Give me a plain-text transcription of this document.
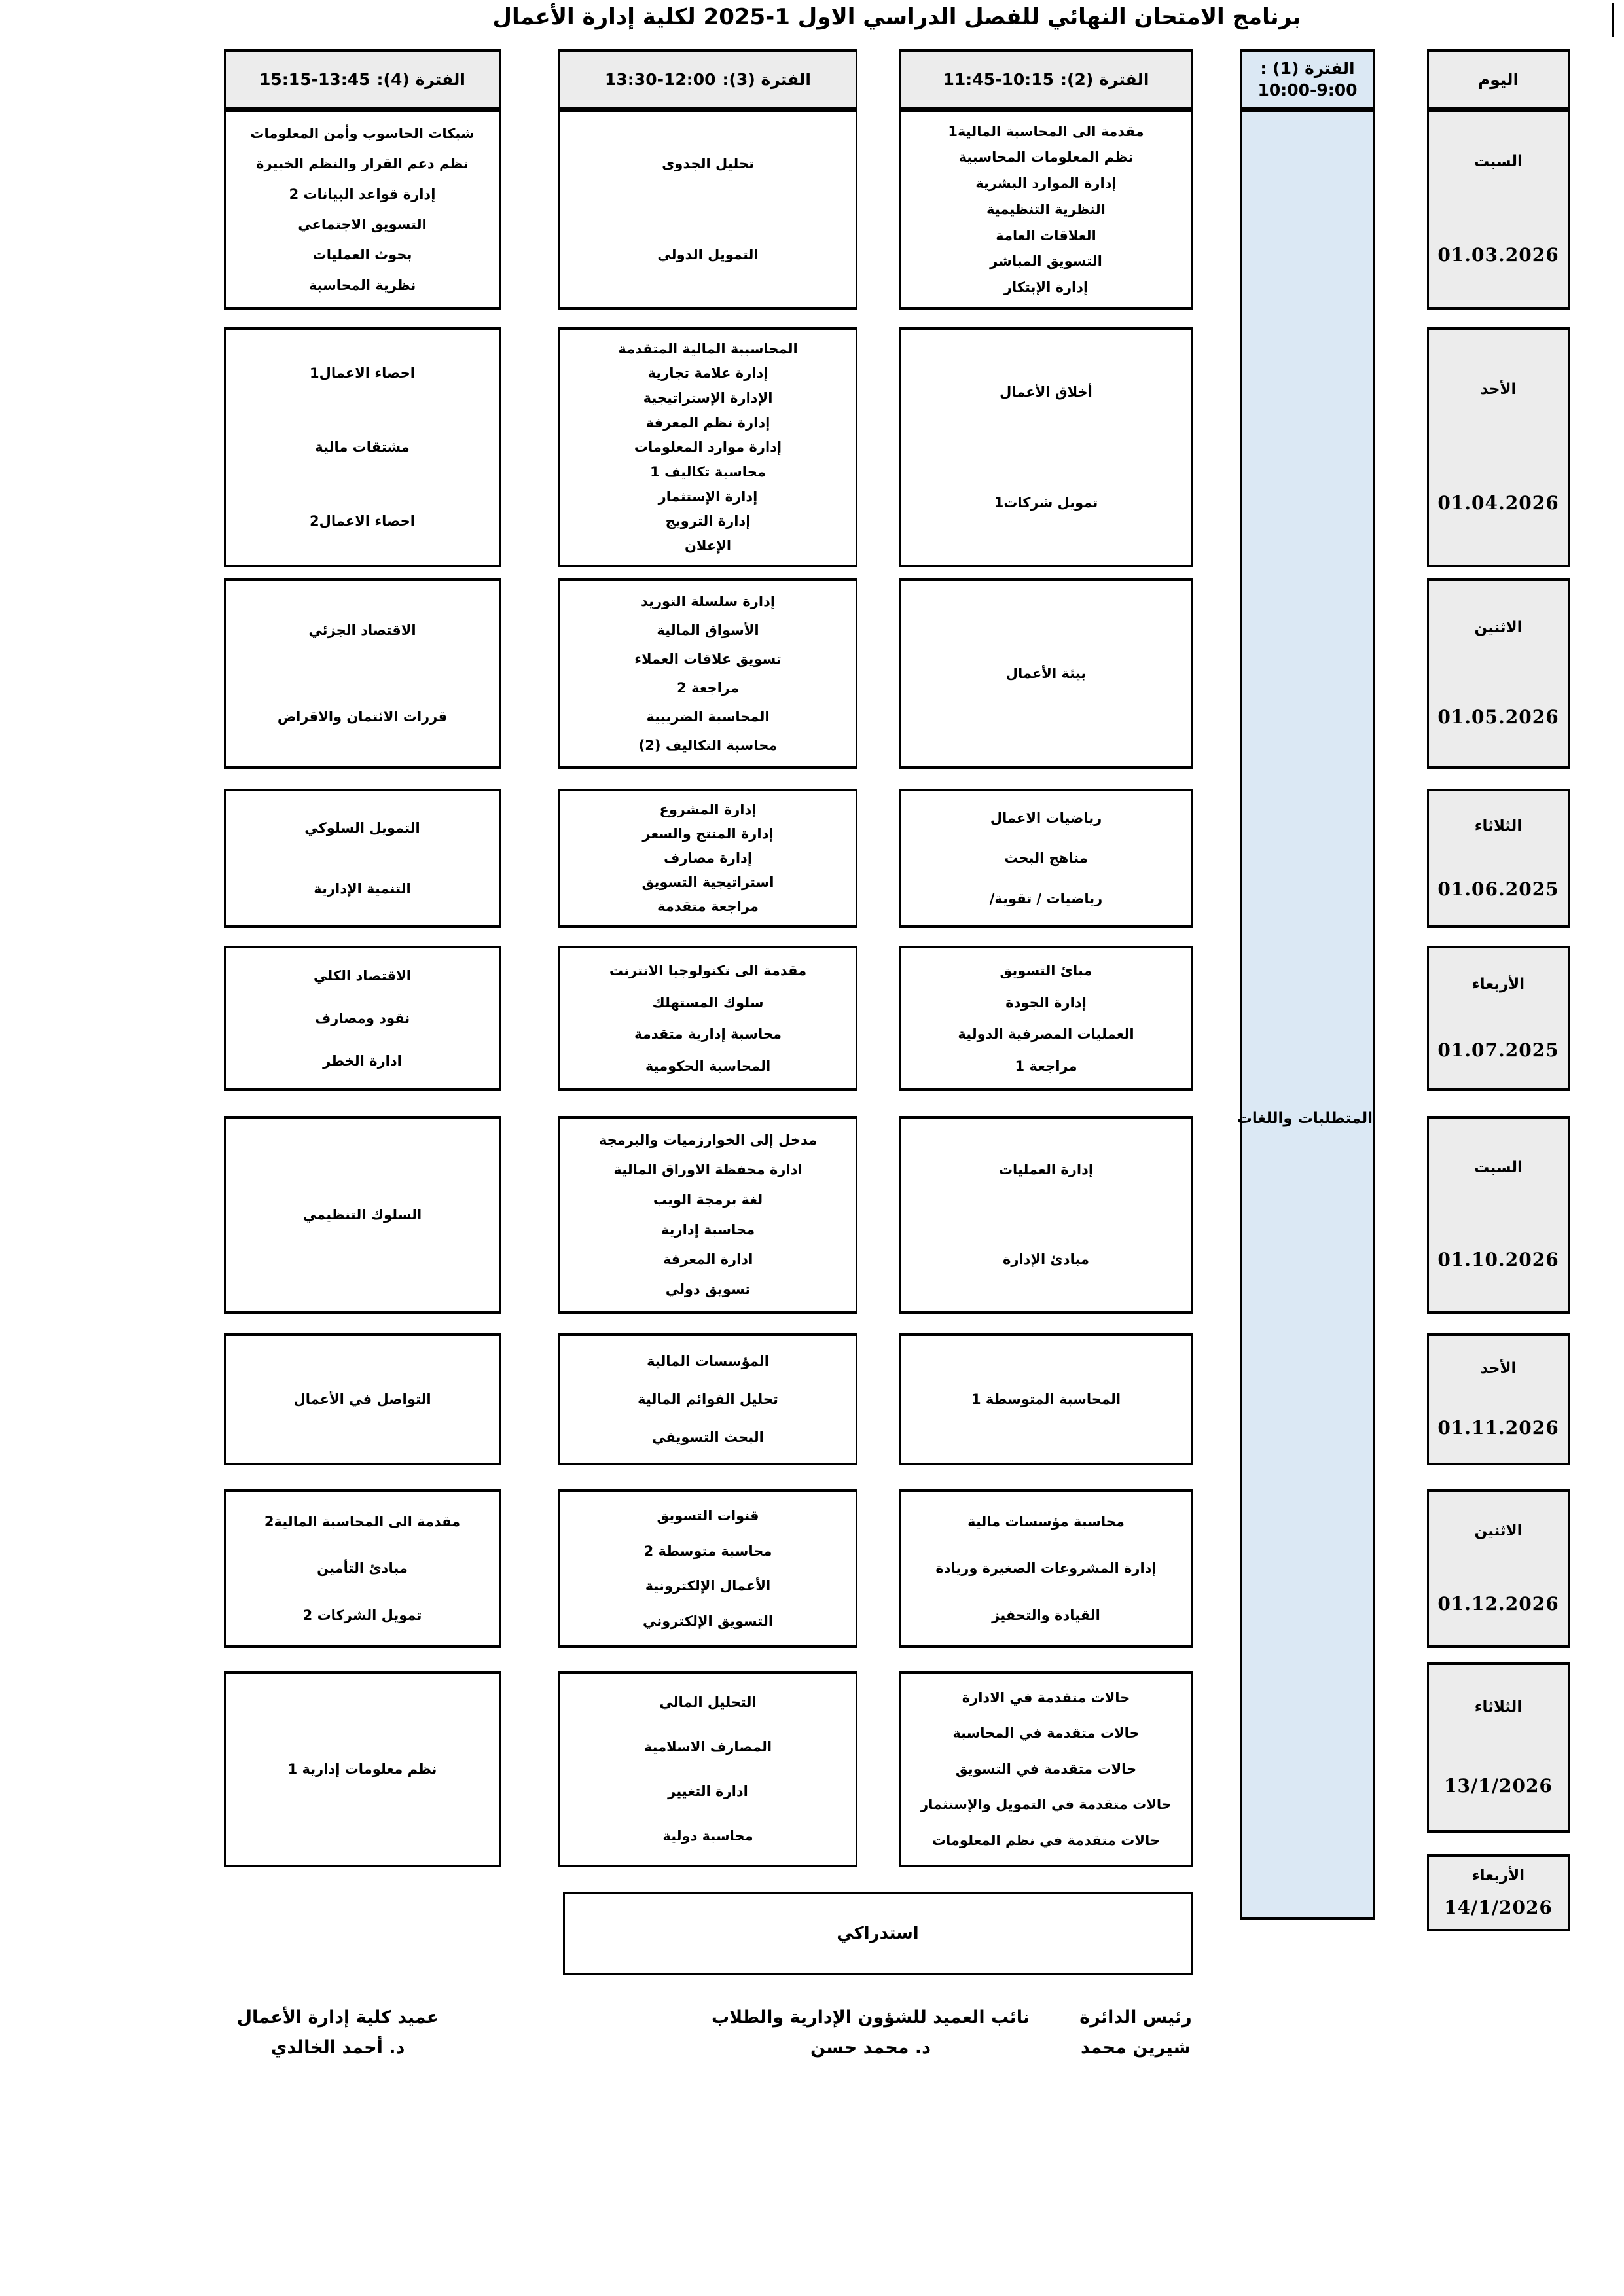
برنامج الامتحان النهائي للفصل الدراسي الاول 2025-1 لكلية إدارة الأعمال
اليوم
الفترة (1) :
10:00-9:00
الفترة (2):
11:45-10:15
الفترة (3):
13:30-12:00
الفترة (4):
15:15-13:45
المتطلبات واللغات
السبت
01.03.2026
الأحد
01.04.2026
الاثنين
01.05.2026
الثلاثاء
01.06.2025
الأربعاء
01.07.2025
السبت
01.10.2026
الأحد
01.11.2026
الاثنين
01.12.2026
الثلاثاء
13/1/2026
الأربعاء
14/1/2026
مقدمة الى المحاسبة المالية1
نظم المعلومات المحاسبية
إدارة الموارد البشرية
النظرية التنظيمية
العلاقات العامة
التسويق المباشر
إدارة الإبتكار
تحليل الجدوى
التمويل الدولي
شبكات الحاسوب وأمن المعلومات
نظم دعم القرار والنظم الخبيرة
إدارة قواعد البيانات 2
التسويق الاجتماعي
بحوث العمليات
نظرية المحاسبة
أخلاق الأعمال
تمويل شركات1
المحاسببة المالية المتقدمة
إدارة علامة تجارية
الإدارة الإستراتيجية
إدارة نظم المعرفة
إدارة موارد المعلومات
محاسبة تكاليف 1
إدارة الإستثمار
إدارة الترويج
الإعلان
احصاء الاعمال1
مشتقات مالية
احصاء الاعمال2
بيئة الأعمال
إدارة سلسلة التوريد
الأسواق المالية
تسويق علاقات العملاء
مراجعة 2
المحاسبة الضريبية
محاسبة التكاليف (2)
الاقتصاد الجزئي
قررات الائتمان والاقراض
رياضيات الاعمال
مناهج البحث
رياضيات / تقوية/
إدارة المشروع
إدارة المنتج والسعر
إدارة مصارف
استراتيجية التسويق
مراجعة متقدمة
التمويل السلوكي
التنمية الإدارية
مبائ التسويق
إدارة الجودة
العمليات المصرفية الدولية
مراجعة 1
مقدمة الى تكنولوجيا الانترنت
سلوك المستهلك
محاسبة إدارية متقدمة
المحاسبة الحكومية
الاقتصاد الكلي
نقود ومصارف
ادارة الخطر
إدارة العمليات
مبادئ الإدارة
مدخل إلى الخوارزميات والبرمجة
ادارة محفظة الاوراق المالية
لغة برمجة الويب
محاسبة إدارية
ادارة المعرفة
تسويق دولي
السلوك التنظيمي
المحاسبة المتوسطة 1
المؤسسات المالية
تحليل القوائم المالية
البحث التسويقي
التواصل في الأعمال
محاسبة مؤسسات مالية
إدارة المشروعات الصغيرة وريادة
القيادة والتحفيز
قنوات التسويق
محاسبة متوسطة 2
الأعمال الإلكترونية
التسويق الإلكتروني
مقدمة الى المحاسبة المالية2
مبادئ التأمين
تمويل الشركات 2
حالات متقدمة في الادارة
حالات متقدمة في المحاسبة
حالات متقدمة في التسويق
حالات متقدمة في التمويل والإستثمار
حالات متقدمة في نظم المعلومات
التحليل المالي
المصارف الاسلامية
ادارة التغيير
محاسبة دولية
نظم معلومات إدارية 1
استدراكي
رئيس الدائرة
شيرين محمد
نائب العميد للشؤون الإدارية والطلاب
د. محمد حسن
عميد كلية إدارة الأعمال
د. أحمد الخالدي
